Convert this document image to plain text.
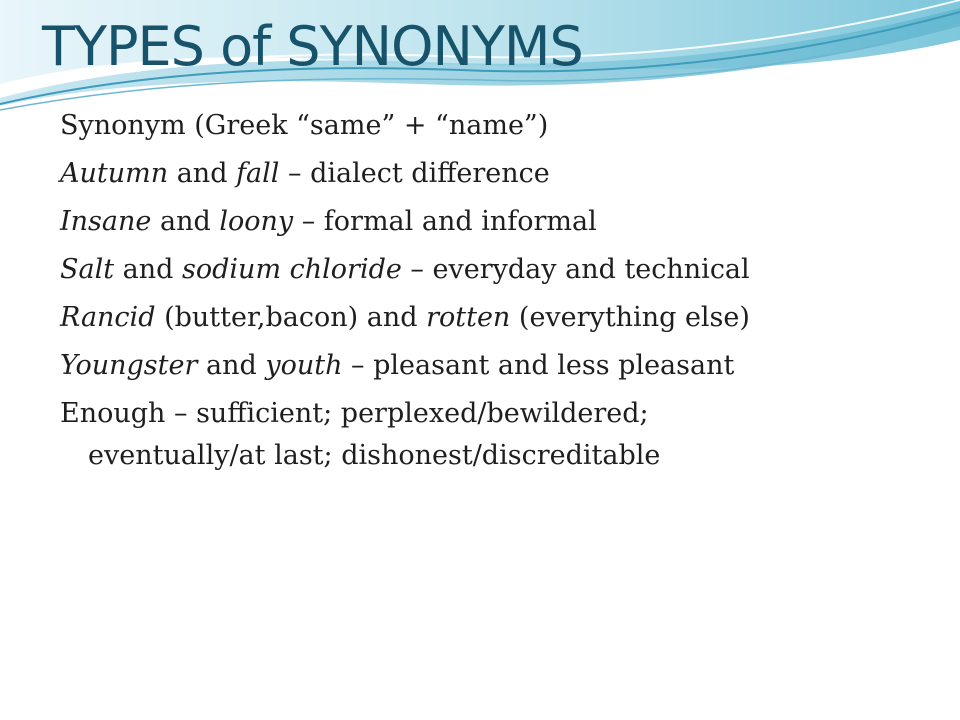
TYPES of SYNONYMS
Synonym (Greek “same” + “name”)
Autumn and fall – dialect difference
Insane and loony – formal and informal
Salt and sodium chloride – everyday and technical
Rancid (butter,bacon) and rotten (everything else)
Youngster and youth – pleasant and less pleasant
Enough – sufficient; perplexed/bewildered;
eventually/at last; dishonest/discreditable
